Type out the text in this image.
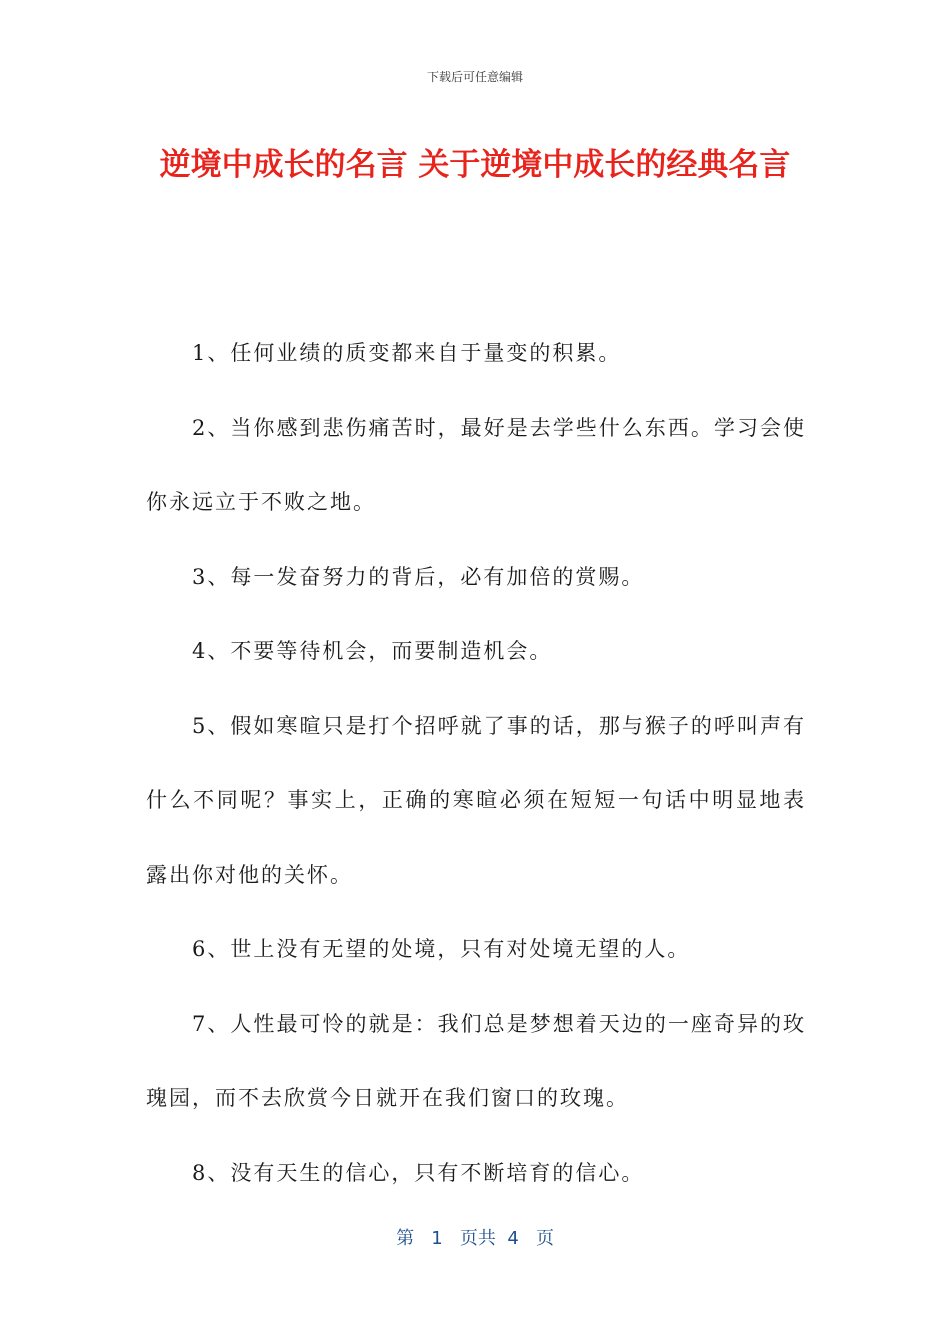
下载后可任意编辑
逆境中成长的名言 关于逆境中成长的经典名言

1、任何业绩的质变都来自于量变的积累。

2、当你感到悲伤痛苦时，最好是去学些什么东西。学习会使你永远立于不败之地。

3、每一发奋努力的背后，必有加倍的赏赐。

4、不要等待机会，而要制造机会。

5、假如寒暄只是打个招呼就了事的话，那与猴子的呼叫声有什么不同呢？事实上，正确的寒暄必须在短短一句话中明显地表露出你对他的关怀。

6、世上没有无望的处境，只有对处境无望的人。

7、人性最可怜的就是：我们总是梦想着天边的一座奇异的玫瑰园，而不去欣赏今日就开在我们窗口的玫瑰。

8、没有天生的信心，只有不断培育的信心。

第 1 页共 4 页
